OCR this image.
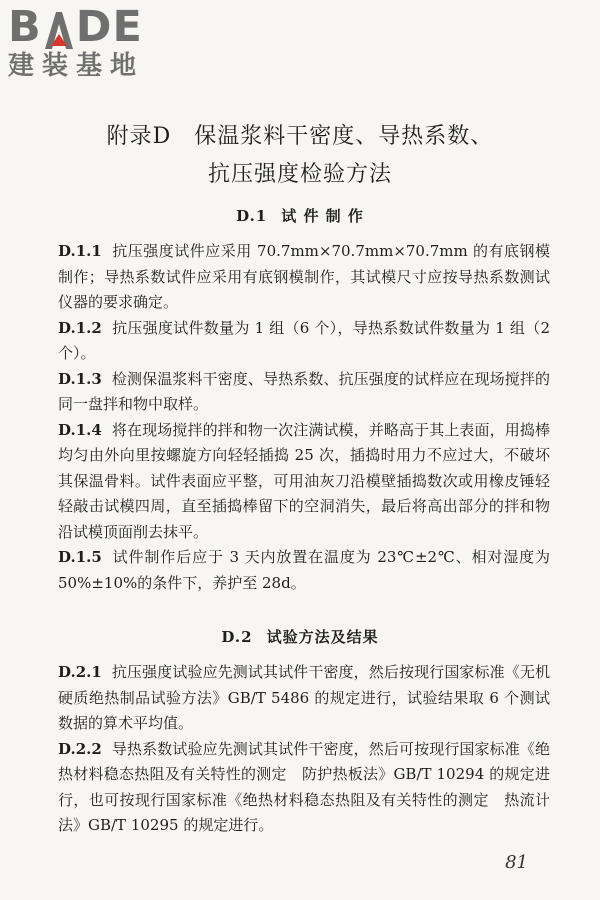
B DE
建装基地
附录D　保温浆料干密度、导热系数、
抗压强度检验方法
D.1 试 件 制 作
D.1.1 抗压强度试件应采用 70.7mm×70.7mm×70.7mm 的有底钢模制作；导热系数试件应采用有底钢模制作，其试模尺寸应按导热系数测试仪器的要求确定。
D.1.2 抗压强度试件数量为 1 组（6 个），导热系数试件数量为 1 组（2 个）。
D.1.3 检测保温浆料干密度、导热系数、抗压强度的试样应在现场搅拌的同一盘拌和物中取样。
D.1.4 将在现场搅拌的拌和物一次注满试模，并略高于其上表面，用捣棒均匀由外向里按螺旋方向轻轻插捣 25 次，插捣时用力不应过大，不破坏其保温骨料。试件表面应平整，可用油灰刀沿模壁插捣数次或用橡皮锤轻轻敲击试模四周，直至插捣棒留下的空洞消失，最后将高出部分的拌和物沿试模顶面削去抹平。
D.1.5 试件制作后应于 3 天内放置在温度为 23℃±2℃、相对湿度为 50%±10%的条件下，养护至 28d。
D.2 试验方法及结果
D.2.1 抗压强度试验应先测试其试件干密度，然后按现行国家标准《无机硬质绝热制品试验方法》GB/T 5486 的规定进行，试验结果取 6 个测试数据的算术平均值。
D.2.2 导热系数试验应先测试其试件干密度，然后可按现行国家标准《绝热材料稳态热阻及有关特性的测定　防护热板法》GB/T 10294 的规定进行，也可按现行国家标准《绝热材料稳态热阻及有关特性的测定　热流计法》GB/T 10295 的规定进行。
81
